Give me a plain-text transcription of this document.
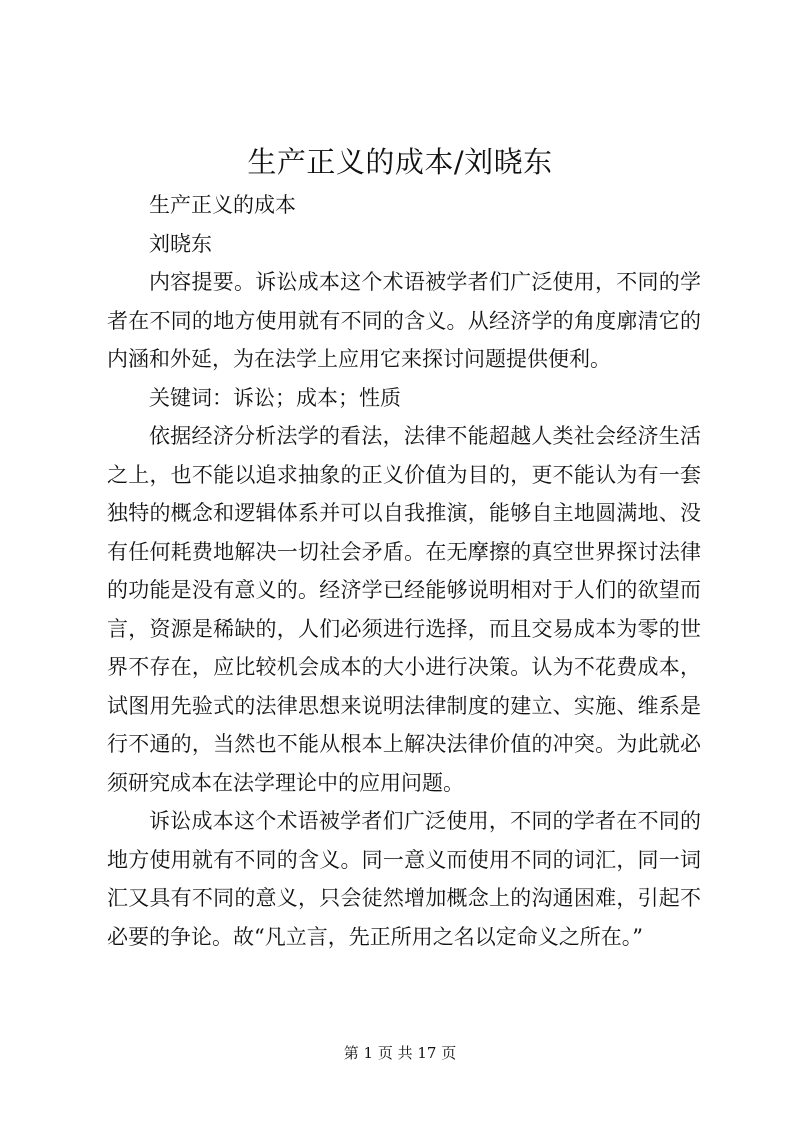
生产正义的成本/刘晓东

生产正义的成本

刘晓东

内容提要。诉讼成本这个术语被学者们广泛使用，不同的学者在不同的地方使用就有不同的含义。从经济学的角度廓清它的内涵和外延，为在法学上应用它来探讨问题提供便利。

关键词：诉讼；成本；性质

依据经济分析法学的看法，法律不能超越人类社会经济生活之上，也不能以追求抽象的正义价值为目的，更不能认为有一套独特的概念和逻辑体系并可以自我推演，能够自主地圆满地、没有任何耗费地解决一切社会矛盾。在无摩擦的真空世界探讨法律的功能是没有意义的。经济学已经能够说明相对于人们的欲望而言，资源是稀缺的，人们必须进行选择，而且交易成本为零的世界不存在，应比较机会成本的大小进行决策。认为不花费成本，试图用先验式的法律思想来说明法律制度的建立、实施、维系是行不通的，当然也不能从根本上解决法律价值的冲突。为此就必须研究成本在法学理论中的应用问题。

诉讼成本这个术语被学者们广泛使用，不同的学者在不同的地方使用就有不同的含义。同一意义而使用不同的词汇，同一词汇又具有不同的意义，只会徒然增加概念上的沟通困难，引起不必要的争论。故“凡立言，先正所用之名以定命义之所在。”

第 1 页 共 17 页
